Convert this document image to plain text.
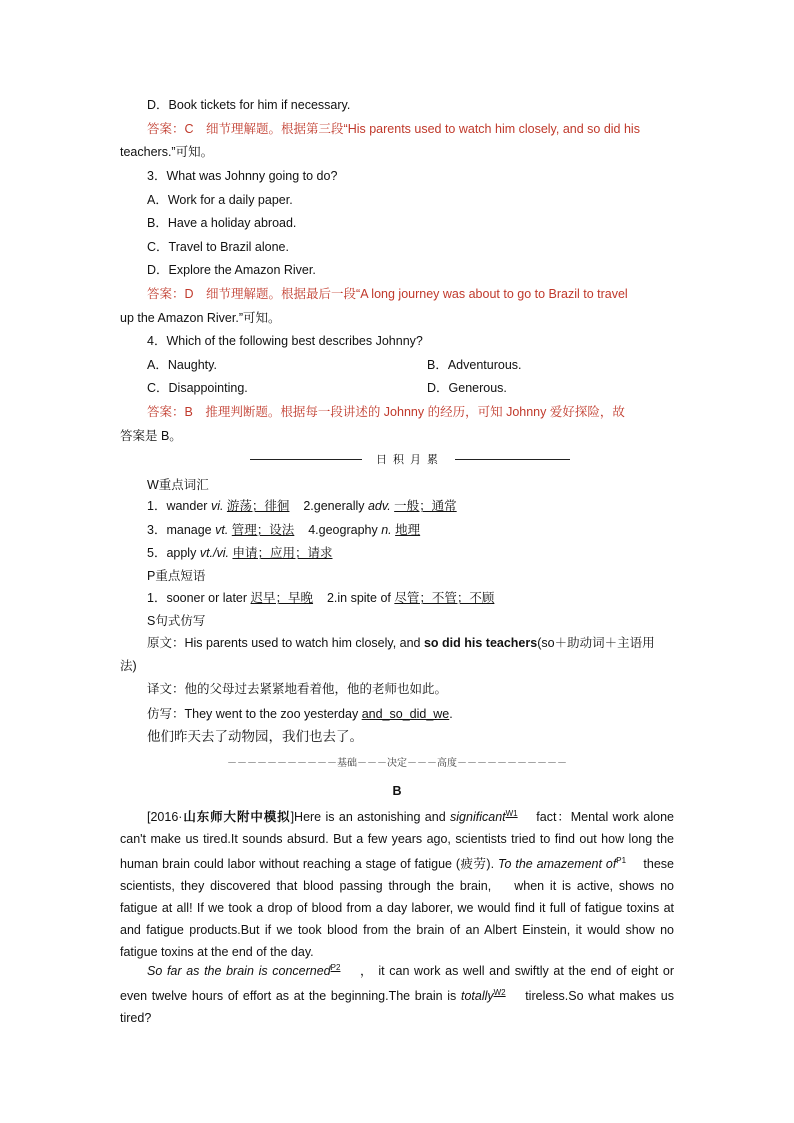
D．Book tickets for him if necessary.
答案：C　细节理解题。根据第三段“His parents used to watch him closely, and so did his
teachers.”可知。
3．What was Johnny going to do?
A．Work for a daily paper.
B．Have a holiday abroad.
C．Travel to Brazil alone.
D．Explore the Amazon River.
答案：D　细节理解题。根据最后一段“A long journey was about to go to Brazil to travel
up the Amazon River.”可知。
4．Which of the following best describes Johnny?
A．Naughty.	B．Adventurous.
C．Disappointing.	D．Generous.
答案：B　推理判断题。根据每一段讲述的 Johnny 的经历，可知 Johnny 爱好探险，故
答案是 B。
日积月累
W重点词汇
1．wander vi. 游荡；徘徊 2.generally adv. 一般；通常
3．manage vt. 管理；设法 4.geography n. 地理
5．apply vt./vi. 申请；应用；请求
P重点短语
1．sooner or later 迟早；早晚 2.in spite of 尽管；不管；不顾
S句式仿写
原文：His parents used to watch him closely, and so did his teachers(so＋助动词＋主语用
法)
译文：他的父母过去紧紧地看着他，他的老师也如此。
仿写：They went to the zoo yesterday and_so_did_we.
他们昨天去了动物园，我们也去了。
－－－－－－－－－－－基础－－－决定－－－高度－－－－－－－－－－－
B
[2016·山东师大附中模拟]Here is an astonishing and significant$^{W1}$　 fact：Mental work alone can't make us tired.It sounds absurd. But a few years ago, scientists tried to find out how long the human brain could labor without reaching a stage of fatigue (疲劳). To the amazement $of^{P1}$　 these scientists, they discovered that blood passing through the brain,　 when it is active, shows no fatigue at all! If we took a drop of blood from a day laborer, we would find it full of fatigue toxins at and fatigue products.But if we took blood from the brain of an Albert Einstein, it would show no fatigue toxins at the end of the day.
So far as the brain is concerned$^{P2}$　 ， it can work as well and swiftly at the end of eight or even twelve hours of effort as at the beginning.The brain is totally$^{W2}$　 tireless.So what makes us tired?
